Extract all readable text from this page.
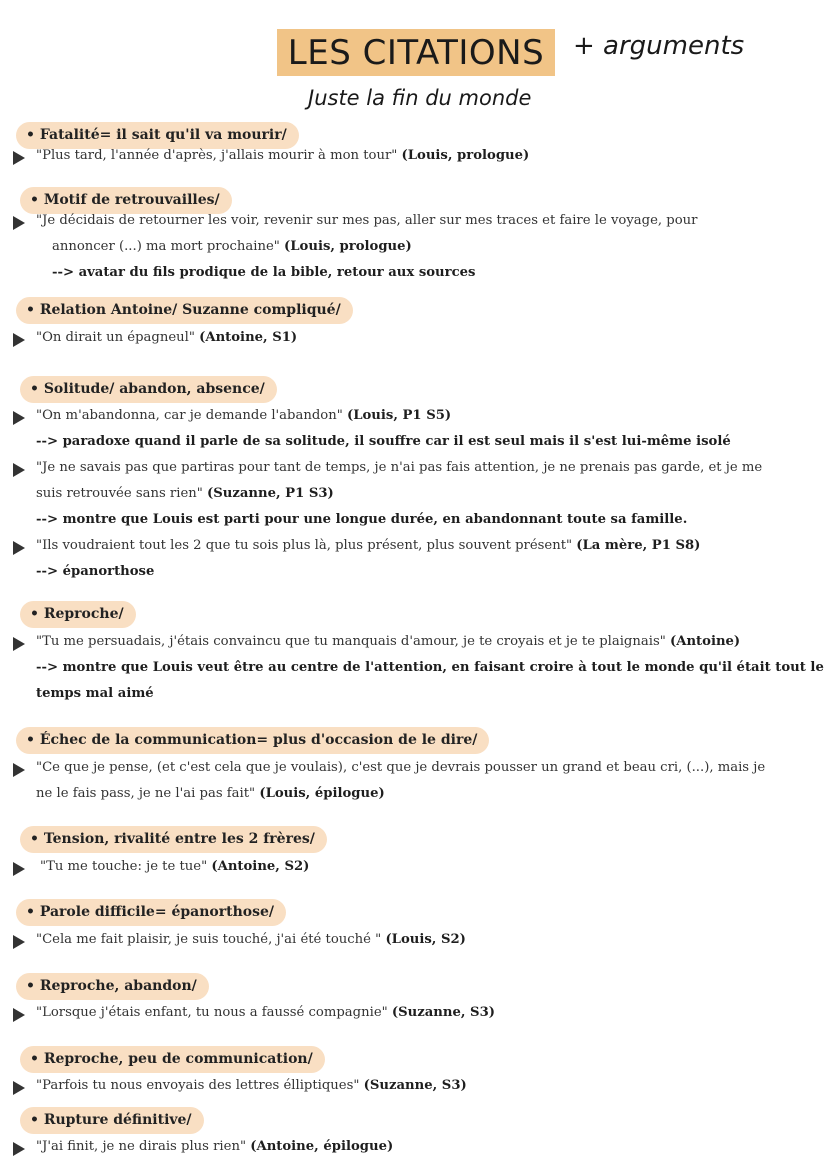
LES CITATIONS	+ arguments
Juste la fin du monde
• Fatalité= il sait qu'il va mourir/
"Plus tard, l'année d'après, j'allais mourir à mon tour" (Louis, prologue)
• Motif de retrouvailles/
"Je décidais de retourner les voir, revenir sur mes pas, aller sur mes traces et faire le voyage, pour
annoncer (...) ma mort prochaine" (Louis, prologue)
--> avatar du fils prodique de la bible, retour aux sources
• Relation Antoine/ Suzanne compliqué/
"On dirait un épagneul" (Antoine, S1)
• Solitude/ abandon, absence/
"On m'abandonna, car je demande l'abandon" (Louis, P1 S5)
--> paradoxe quand il parle de sa solitude, il souffre car il est seul mais il s'est lui-même isolé
"Je ne savais pas que partiras pour tant de temps, je n'ai pas fais attention, je ne prenais pas garde, et je me
suis retrouvée sans rien" (Suzanne, P1 S3)
--> montre que Louis est parti pour une longue durée, en abandonnant toute sa famille.
"Ils voudraient tout les 2 que tu sois plus là, plus présent, plus souvent présent" (La mère, P1 S8)
--> épanorthose
• Reproche/
"Tu me persuadais, j'étais convaincu que tu manquais d'amour, je te croyais et je te plaignais" (Antoine)
--> montre que Louis veut être au centre de l'attention, en faisant croire à tout le monde qu'il était tout le
temps mal aimé
• Échec de la communication= plus d'occasion de le dire/
"Ce que je pense, (et c'est cela que je voulais), c'est que je devrais pousser un grand et beau cri, (...), mais je
ne le fais pass, je ne l'ai pas fait" (Louis, épilogue)
• Tension, rivalité entre les 2 frères/
"Tu me touche: je te tue" (Antoine, S2)
• Parole difficile= épanorthose/
"Cela me fait plaisir, je suis touché, j'ai été touché " (Louis, S2)
• Reproche, abandon/
"Lorsque j'étais enfant, tu nous a faussé compagnie" (Suzanne, S3)
• Reproche, peu de communication/
"Parfois tu nous envoyais des lettres élliptiques" (Suzanne, S3)
• Rupture définitive/
"J'ai finit, je ne dirais plus rien" (Antoine, épilogue)
